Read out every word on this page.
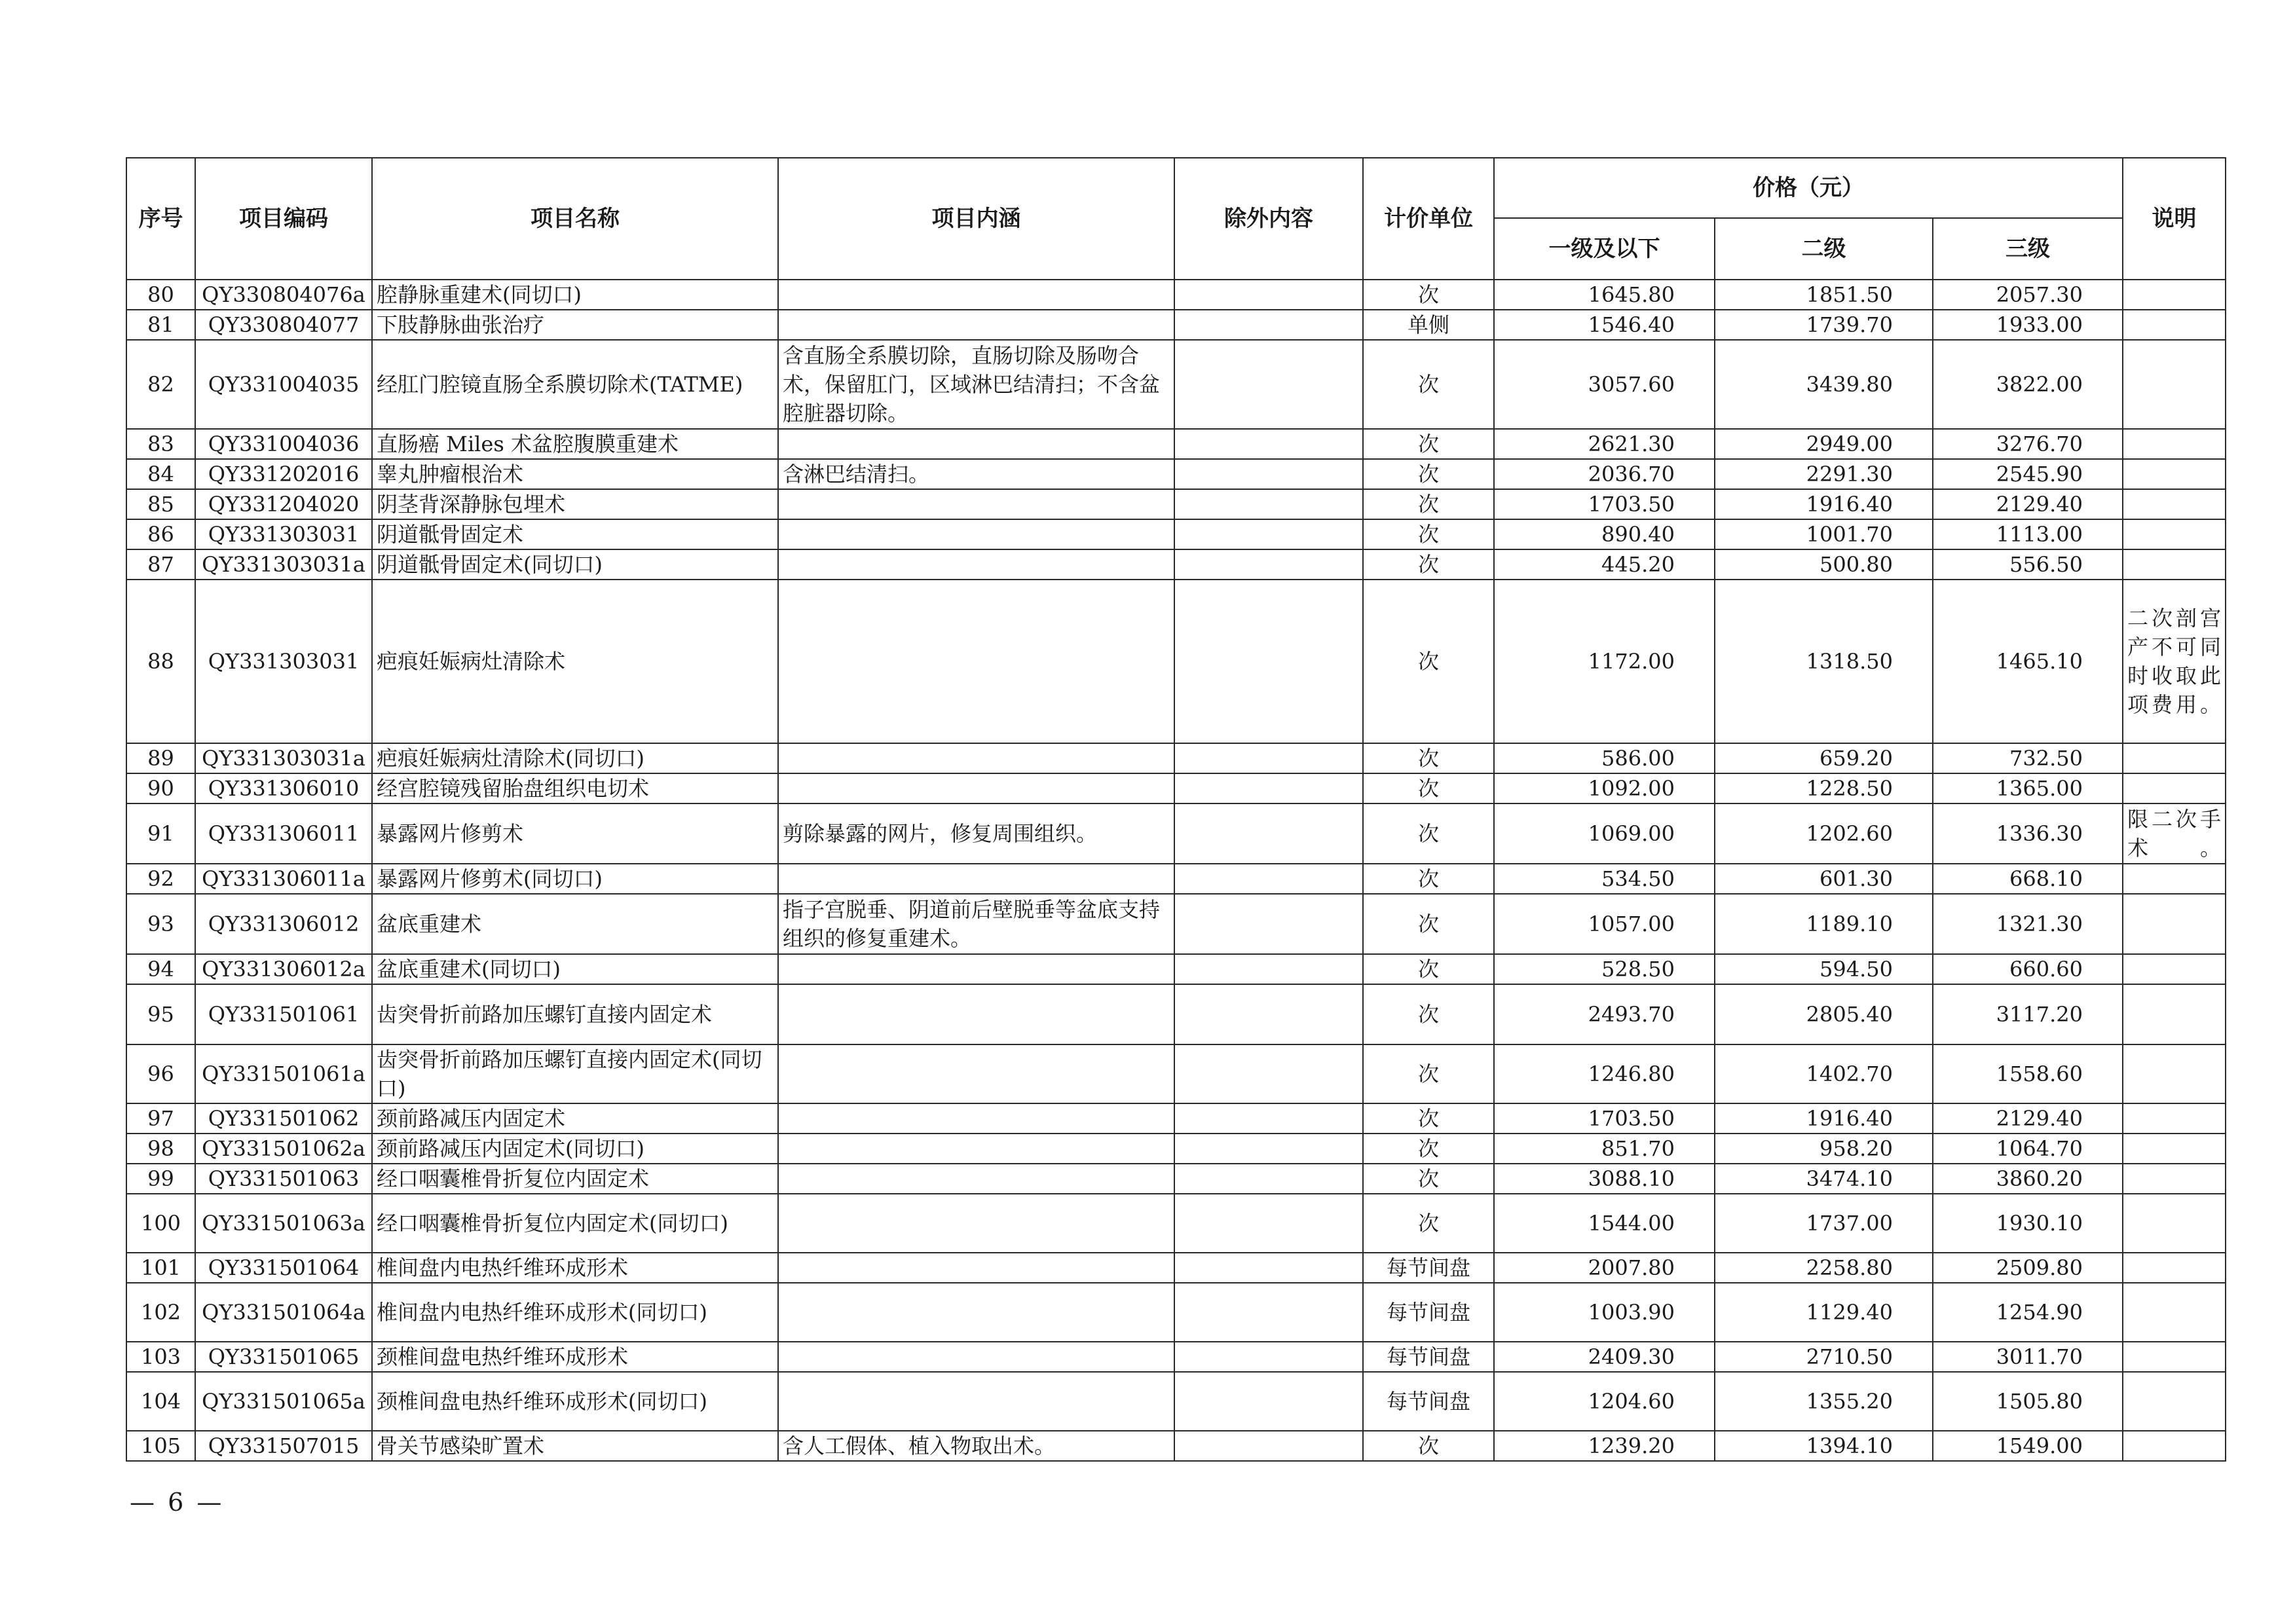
序号	项目编码	项目名称	项目内涵	除外内容	计价单位	价格（元）			说明
						一级及以下	二级	三级	
80	QY330804076a	腔静脉重建术(同切口)			次	1645.80	1851.50	2057.30	
81	QY330804077	下肢静脉曲张治疗			单侧	1546.40	1739.70	1933.00	
82	QY331004035	经肛门腔镜直肠全系膜切除术(TATME)	含直肠全系膜切除，直肠切除及肠吻合术，保留肛门，区域淋巴结清扫；不含盆腔脏器切除。		次	3057.60	3439.80	3822.00	
83	QY331004036	直肠癌 Miles 术盆腔腹膜重建术			次	2621.30	2949.00	3276.70	
84	QY331202016	睾丸肿瘤根治术	含淋巴结清扫。		次	2036.70	2291.30	2545.90	
85	QY331204020	阴茎背深静脉包埋术			次	1703.50	1916.40	2129.40	
86	QY331303031	阴道骶骨固定术			次	890.40	1001.70	1113.00	
87	QY331303031a	阴道骶骨固定术(同切口)			次	445.20	500.80	556.50	
88	QY331303031	疤痕妊娠病灶清除术			次	1172.00	1318.50	1465.10	二次剖宫产不可同时收取此项费用。
89	QY331303031a	疤痕妊娠病灶清除术(同切口)			次	586.00	659.20	732.50	
90	QY331306010	经宫腔镜残留胎盘组织电切术			次	1092.00	1228.50	1365.00	
91	QY331306011	暴露网片修剪术	剪除暴露的网片，修复周围组织。		次	1069.00	1202.60	1336.30	限二次手术。
92	QY331306011a	暴露网片修剪术(同切口)			次	534.50	601.30	668.10	
93	QY331306012	盆底重建术	指子宫脱垂、阴道前后壁脱垂等盆底支持组织的修复重建术。		次	1057.00	1189.10	1321.30	
94	QY331306012a	盆底重建术(同切口)			次	528.50	594.50	660.60	
95	QY331501061	齿突骨折前路加压螺钉直接内固定术			次	2493.70	2805.40	3117.20	
96	QY331501061a	齿突骨折前路加压螺钉直接内固定术(同切口)			次	1246.80	1402.70	1558.60	
97	QY331501062	颈前路减压内固定术			次	1703.50	1916.40	2129.40	
98	QY331501062a	颈前路减压内固定术(同切口)			次	851.70	958.20	1064.70	
99	QY331501063	经口咽囊椎骨折复位内固定术			次	3088.10	3474.10	3860.20	
100	QY331501063a	经口咽囊椎骨折复位内固定术(同切口)			次	1544.00	1737.00	1930.10	
101	QY331501064	椎间盘内电热纤维环成形术			每节间盘	2007.80	2258.80	2509.80	
102	QY331501064a	椎间盘内电热纤维环成形术(同切口)			每节间盘	1003.90	1129.40	1254.90	
103	QY331501065	颈椎间盘电热纤维环成形术			每节间盘	2409.30	2710.50	3011.70	
104	QY331501065a	颈椎间盘电热纤维环成形术(同切口)			每节间盘	1204.60	1355.20	1505.80	
105	QY331507015	骨关节感染旷置术	含人工假体、植入物取出术。		次	1239.20	1394.10	1549.00	
— 6 —
